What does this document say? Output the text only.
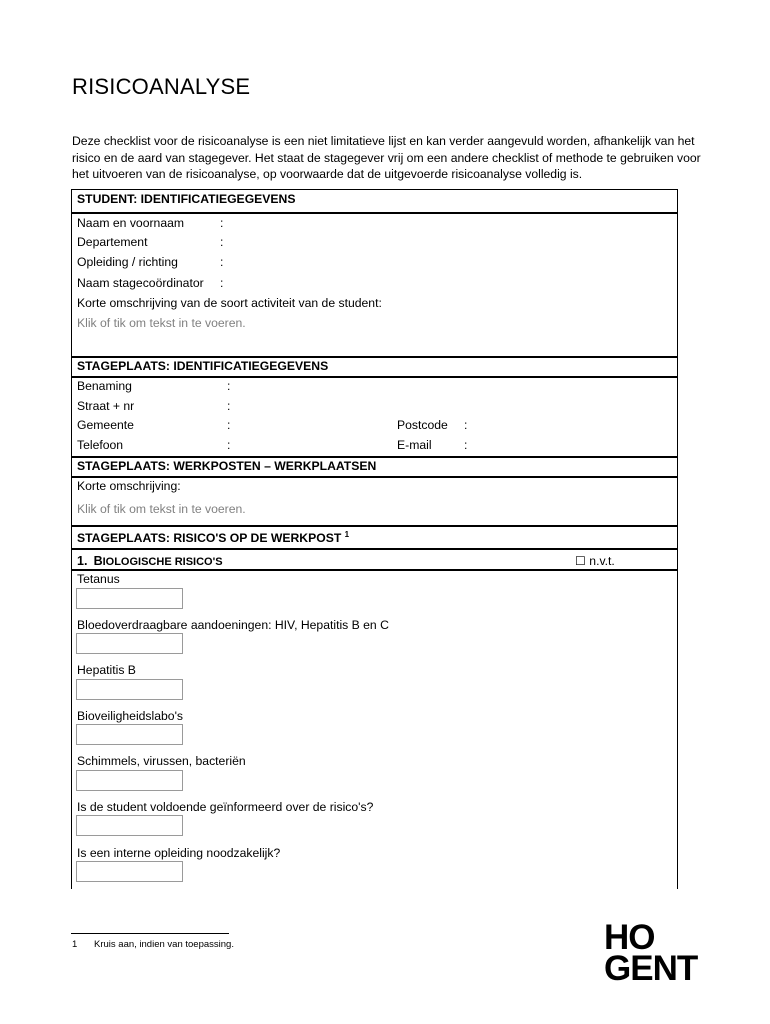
RISICOANALYSE
Deze checklist voor de risicoanalyse is een niet limitatieve lijst en kan verder aangevuld worden, afhankelijk van het risico en de aard van stagegever. Het staat de stagegever vrij om een andere checklist of methode te gebruiken voor het uitvoeren van de risicoanalyse, op voorwaarde dat de uitgevoerde risicoanalyse volledig is.
STUDENT: IDENTIFICATIEGEGEVENS
Naam en voornaam	:
Departement	:
Opleiding / richting	:
Naam stagecoördinator :
Korte omschrijving van de soort activiteit van de student:
Klik of tik om tekst in te voeren.
STAGEPLAATS: IDENTIFICATIEGEGEVENS
Benaming	:
Straat + nr	:
Gemeente	:	Postcode :
Telefoon	:	E-mail	:
STAGEPLAATS: WERKPOSTEN – WERKPLAATSEN
Korte omschrijving:
Klik of tik om tekst in te voeren.
STAGEPLAATS: RISICO'S OP DE WERKPOST $^1$
1. BIOLOGISCHE RISICO'S	☐ n.v.t.
Tetanus
Bloedoverdraagbare aandoeningen: HIV, Hepatitis B en C
Hepatitis B
Bioveiligheidslabo's
Schimmels, virussen, bacteriën
Is de student voldoende geïnformeerd over de risico's?
Is een interne opleiding noodzakelijk?
1 Kruis aan, indien van toepassing.	HO
GENT
